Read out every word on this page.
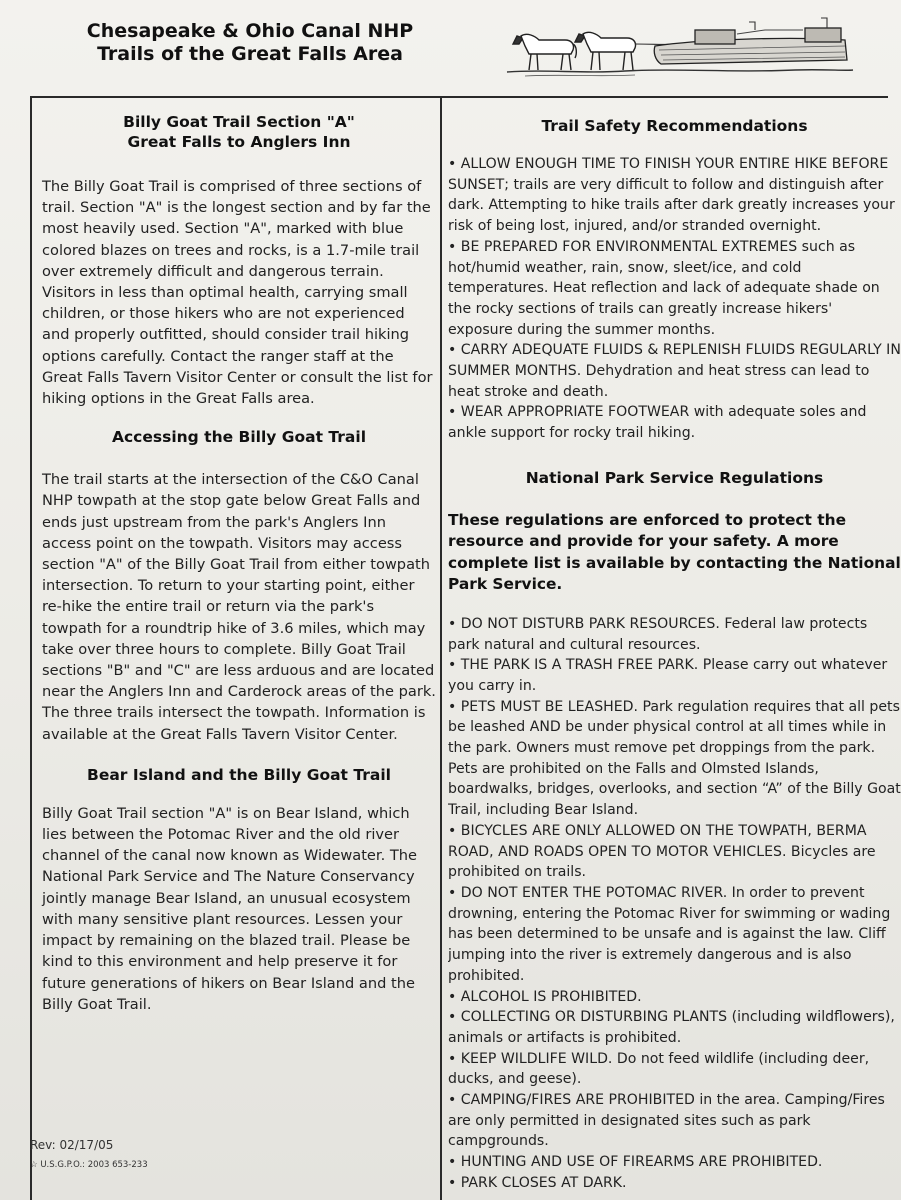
Chesapeake & Ohio Canal NHP
Trails of the Great Falls Area
Billy Goat Trail Section "A"
Great Falls to Anglers Inn

The Billy Goat Trail is comprised of three sections of trail. Section "A" is the longest section and by far the most heavily used. Section "A", marked with blue colored blazes on trees and rocks, is a 1.7-mile trail over extremely difficult and dangerous terrain. Visitors in less than optimal health, carrying small children, or those hikers who are not experienced and properly outfitted, should consider trail hiking options carefully. Contact the ranger staff at the Great Falls Tavern Visitor Center or consult the list for hiking options in the Great Falls area.

Accessing the Billy Goat Trail

The trail starts at the intersection of the C&O Canal NHP towpath at the stop gate below Great Falls and ends just upstream from the park's Anglers Inn access point on the towpath. Visitors may access section "A" of the Billy Goat Trail from either towpath intersection. To return to your starting point, either re-hike the entire trail or return via the park's towpath for a roundtrip hike of 3.6 miles, which may take over three hours to complete. Billy Goat Trail sections "B" and "C" are less arduous and are located near the Anglers Inn and Carderock areas of the park. The three trails intersect the towpath. Information is available at the Great Falls Tavern Visitor Center.

Bear Island and the Billy Goat Trail

Billy Goat Trail section "A" is on Bear Island, which lies between the Potomac River and the old river channel of the canal now known as Widewater. The National Park Service and The Nature Conservancy jointly manage Bear Island, an unusual ecosystem with many sensitive plant resources. Lessen your impact by remaining on the blazed trail. Please be kind to this environment and help preserve it for future generations of hikers on Bear Island and the Billy Goat Trail.

Rev: 02/17/05
☆ U.S.G.P.O.: 2003 653-233
Trail Safety Recommendations

• ALLOW ENOUGH TIME TO FINISH YOUR ENTIRE HIKE BEFORE SUNSET; trails are very difficult to follow and distinguish after dark. Attempting to hike trails after dark greatly increases your risk of being lost, injured, and/or stranded overnight.

• BE PREPARED FOR ENVIRONMENTAL EXTREMES such as hot/humid weather, rain, snow, sleet/ice, and cold temperatures. Heat reflection and lack of adequate shade on the rocky sections of trails can greatly increase hikers' exposure during the summer months.

• CARRY ADEQUATE FLUIDS & REPLENISH FLUIDS REGULARLY IN SUMMER MONTHS. Dehydration and heat stress can lead to heat stroke and death.

• WEAR APPROPRIATE FOOTWEAR with adequate soles and ankle support for rocky trail hiking.

National Park Service Regulations

These regulations are enforced to protect the resource and provide for your safety. A more complete list is available by contacting the National Park Service.

• DO NOT DISTURB PARK RESOURCES. Federal law protects park natural and cultural resources.

• THE PARK IS A TRASH FREE PARK. Please carry out whatever you carry in.

• PETS MUST BE LEASHED. Park regulation requires that all pets be leashed AND be under physical control at all times while in the park. Owners must remove pet droppings from the park. Pets are prohibited on the Falls and Olmsted Islands, boardwalks, bridges, overlooks, and section “A” of the Billy Goat Trail, including Bear Island.

• BICYCLES ARE ONLY ALLOWED ON THE TOWPATH, BERMA ROAD, AND ROADS OPEN TO MOTOR VEHICLES. Bicycles are prohibited on trails.

• DO NOT ENTER THE POTOMAC RIVER. In order to prevent drowning, entering the Potomac River for swimming or wading has been determined to be unsafe and is against the law. Cliff jumping into the river is extremely dangerous and is also prohibited.

• ALCOHOL IS PROHIBITED.

• COLLECTING OR DISTURBING PLANTS (including wildflowers), animals or artifacts is prohibited.

• KEEP WILDLIFE WILD. Do not feed wildlife (including deer, ducks, and geese).

• CAMPING/FIRES ARE PROHIBITED in the area. Camping/Fires are only permitted in designated sites such as park campgrounds.

• HUNTING AND USE OF FIREARMS ARE PROHIBITED.

• PARK CLOSES AT DARK.
